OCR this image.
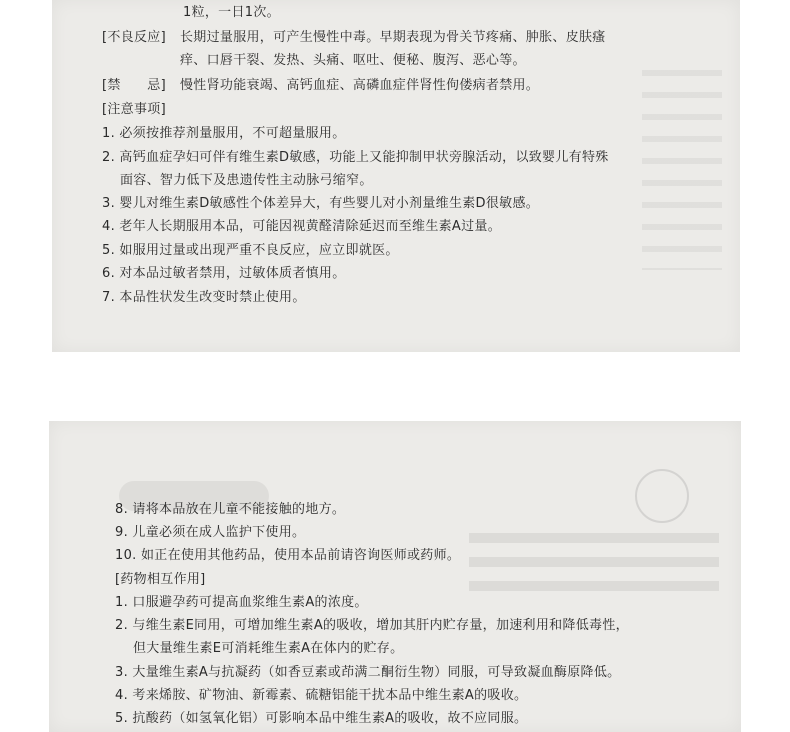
1粒，一日1次。
[不良反应] 长期过量服用，可产生慢性中毒。早期表现为骨关节疼痛、肿胀、皮肤瘙
痒、口唇干裂、发热、头痛、呕吐、便秘、腹泻、恶心等。
[禁　　忌] 慢性肾功能衰竭、高钙血症、高磷血症伴肾性佝偻病者禁用。
[注意事项]
1. 必须按推荐剂量服用，不可超量服用。
2. 高钙血症孕妇可伴有维生素D敏感，功能上又能抑制甲状旁腺活动，以致婴儿有特殊
面容、智力低下及患遗传性主动脉弓缩窄。
3. 婴儿对维生素D敏感性个体差异大，有些婴儿对小剂量维生素D很敏感。
4. 老年人长期服用本品，可能因视黄醛清除延迟而至维生素A过量。
5. 如服用过量或出现严重不良反应，应立即就医。
6. 对本品过敏者禁用，过敏体质者慎用。
7. 本品性状发生改变时禁止使用。
8. 请将本品放在儿童不能接触的地方。
9. 儿童必须在成人监护下使用。
10. 如正在使用其他药品，使用本品前请咨询医师或药师。
[药物相互作用]
1. 口服避孕药可提高血浆维生素A的浓度。
2. 与维生素E同用，可增加维生素A的吸收，增加其肝内贮存量，加速利用和降低毒性，
但大量维生素E可消耗维生素A在体内的贮存。
3. 大量维生素A与抗凝药（如香豆素或茚满二酮衍生物）同服，可导致凝血酶原降低。
4. 考来烯胺、矿物油、新霉素、硫糖铝能干扰本品中维生素A的吸收。
5. 抗酸药（如氢氧化铝）可影响本品中维生素A的吸收，故不应同服。
